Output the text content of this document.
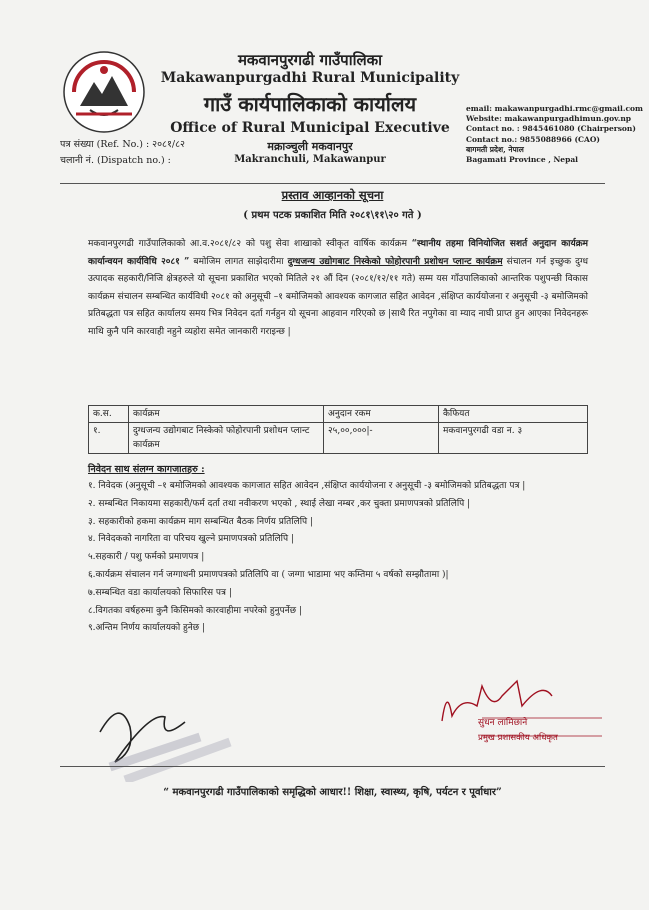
मकवानपुरगढी गाउँपालिका
Makawanpurgadhi Rural Municipality
गाउँ कार्यपालिकाको कार्यालय
Office of Rural Municipal Executive
मक्राञ्चुली मकवानपुर
Makranchuli, Makawanpur
पत्र संख्या (Ref. No.) : २०८१/८२
चलानी नं. (Dispatch no.) :
email: makawanpurgadhi.rmc@gmail.com
Website: makawanpurgadhimun.gov.np
Contact no. : 9845461080 (Chairperson)
Contact no.: 9855088966 (CAO)
बागमती प्रदेश, नेपाल
Bagamati Province , Nepal
प्रस्ताव आव्हानको सूचना
( प्रथम पटक प्रकाशित मिति २०८१\११\२० गते )
मकवानपुरगढी गाउँपालिकाको आ.व.२०८१/८२ को पशु सेवा शाखाको स्वीकृत वार्षिक कार्यक्रम “स्थानीय तहमा विनियोजित सशर्त अनुदान कार्यक्रम कार्यान्वयन कार्यविधि २०८१ ” बमोजिम लागत साझेदारीमा दुग्धजन्य उद्योगबाट निस्केको फोहोरपानी प्रशोधन प्लान्ट कार्यक्रम संचालन गर्न इच्छुक दुग्ध उत्पादक सहकारी/निजि क्षेत्रहरुले यो सूचना प्रकाशित भएको मितिले २१ औं दिन (२०८१/१२/११ गते) सम्म यस गाँउपालिकाको आन्तरिक पशुपन्छी विकास कार्यक्रम संचालन सम्बन्धित कार्यविधी २०८१ को अनुसूची –१ बमोजिमको आवश्यक कागजात सहित आवेदन ,संक्षिप्त कार्ययोजना र अनुसूची -३ बमोजिमको प्रतिबद्धता पत्र सहित कार्यालय समय भित्र निवेदन दर्ता गर्नहुन यो सूचना आहवान गरिएको छ |साथै रित नपुगेका वा म्याद नाघी प्राप्त हुन आएका निवेदनहरू माथि कुनै पनि कारवाही नहुने व्यहोरा समेत जानकारी गराइन्छ |
क.स.	कार्यक्रम	अनुदान रकम	कैफियत
१.	दुग्धजन्य उद्योगबाट निस्केको फोहोरपानी प्रशोधन प्लान्ट कार्यक्रम	२५,००,०००|-	मकवानपुरगढी वडा न. ३
निवेदन साथ संलग्न कागजातहरु :
१. निवेदक (अनुसूची –१ बमोजिमको आवश्यक कागजात सहित आवेदन ,संक्षिप्त कार्ययोजना र अनुसूची -३ बमोजिमको प्रतिबद्धता पत्र |
२. सम्बन्धित निकायमा सहकारी/फर्म दर्ता तथा नवीकरण भएको , स्थाई लेखा नम्बर ,कर चुक्ता प्रमाणपत्रको प्रतिलिपि |
३. सहकारीको हकमा कार्यक्रम माग सम्बन्धित बैठक निर्णय प्रतिलिपि |
४. निवेदकको नागरिता वा परिचय खुल्ने प्रमाणपत्रको प्रतिलिपि |
५.सहकारी / पशु फर्मको प्रमाणपत्र |
६.कार्यक्रम संचालन गर्न जग्गाधनी प्रमाणपत्रको प्रतिलिपि वा ( जग्गा भाडामा भए कम्तिमा ५ वर्षको सम्झौतामा )|
७.सम्बन्धित वडा कार्यालयको सिफारिस पत्र |
८.विगतका वर्षहरुमा कुनै किसिमको कारवाहीमा नपरेको हुनुपर्नेछ |
९.अन्तिम निर्णय कार्यालयको हुनेछ |
सुधन लामिछाने
प्रमुख प्रशासकीय अधिकृत
“ मकवानपुरगढी गाउँपालिकाको समृद्धिको आधार!! शिक्षा, स्वास्थ्य, कृषि, पर्यटन र पूर्वाधार”
